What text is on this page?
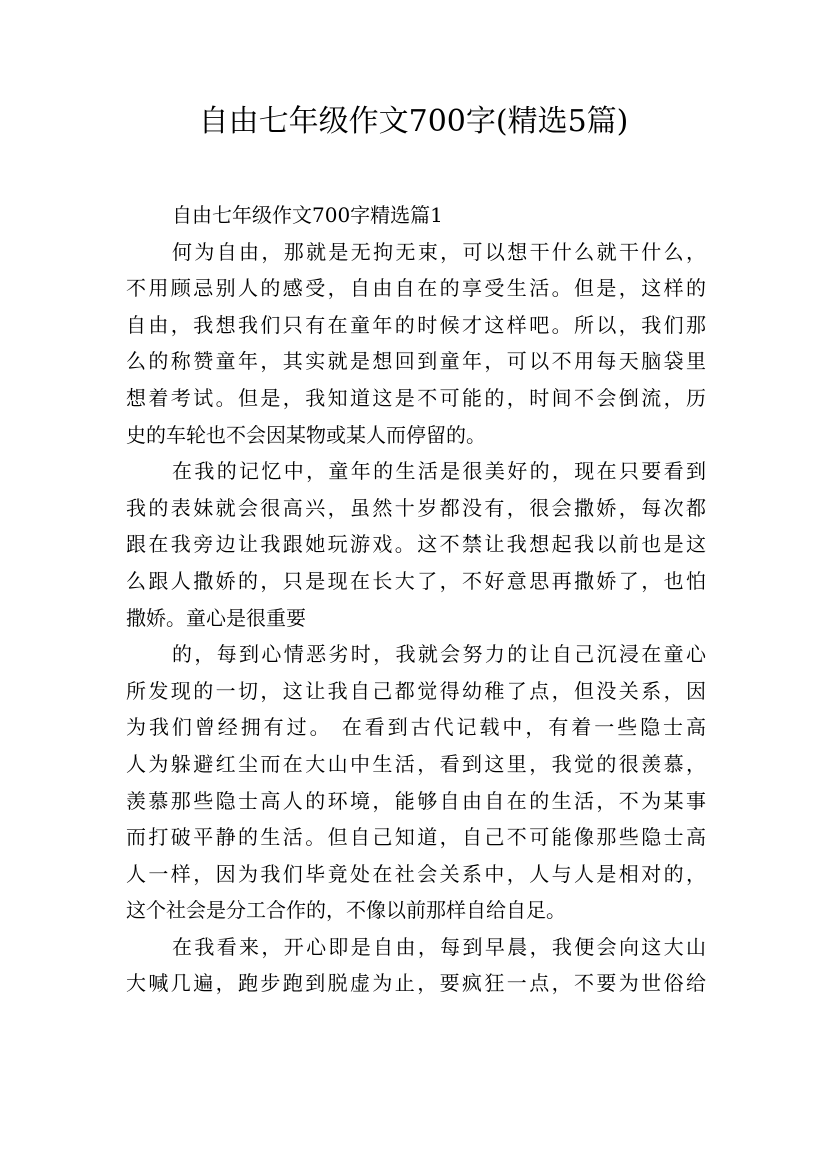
自由七年级作文700字(精选5篇)
自由七年级作文700字精选篇1
何为自由，那就是无拘无束，可以想干什么就干什么，
不用顾忌别人的感受，自由自在的享受生活。但是，这样的
自由，我想我们只有在童年的时候才这样吧。所以，我们那
么的称赞童年，其实就是想回到童年，可以不用每天脑袋里
想着考试。但是，我知道这是不可能的，时间不会倒流，历
史的车轮也不会因某物或某人而停留的。
在我的记忆中，童年的生活是很美好的，现在只要看到
我的表妹就会很高兴，虽然十岁都没有，很会撒娇，每次都
跟在我旁边让我跟她玩游戏。这不禁让我想起我以前也是这
么跟人撒娇的，只是现在长大了，不好意思再撒娇了，也怕
撒娇。童心是很重要
的，每到心情恶劣时，我就会努力的让自己沉浸在童心
所发现的一切，这让我自己都觉得幼稚了点，但没关系，因
为我们曾经拥有过。 在看到古代记载中，有着一些隐士高
人为躲避红尘而在大山中生活，看到这里，我觉的很羡慕，
羡慕那些隐士高人的环境，能够自由自在的生活，不为某事
而打破平静的生活。但自己知道，自己不可能像那些隐士高
人一样，因为我们毕竟处在社会关系中，人与人是相对的，
这个社会是分工合作的，不像以前那样自给自足。
在我看来，开心即是自由，每到早晨，我便会向这大山
大喊几遍，跑步跑到脱虚为止，要疯狂一点，不要为世俗给
